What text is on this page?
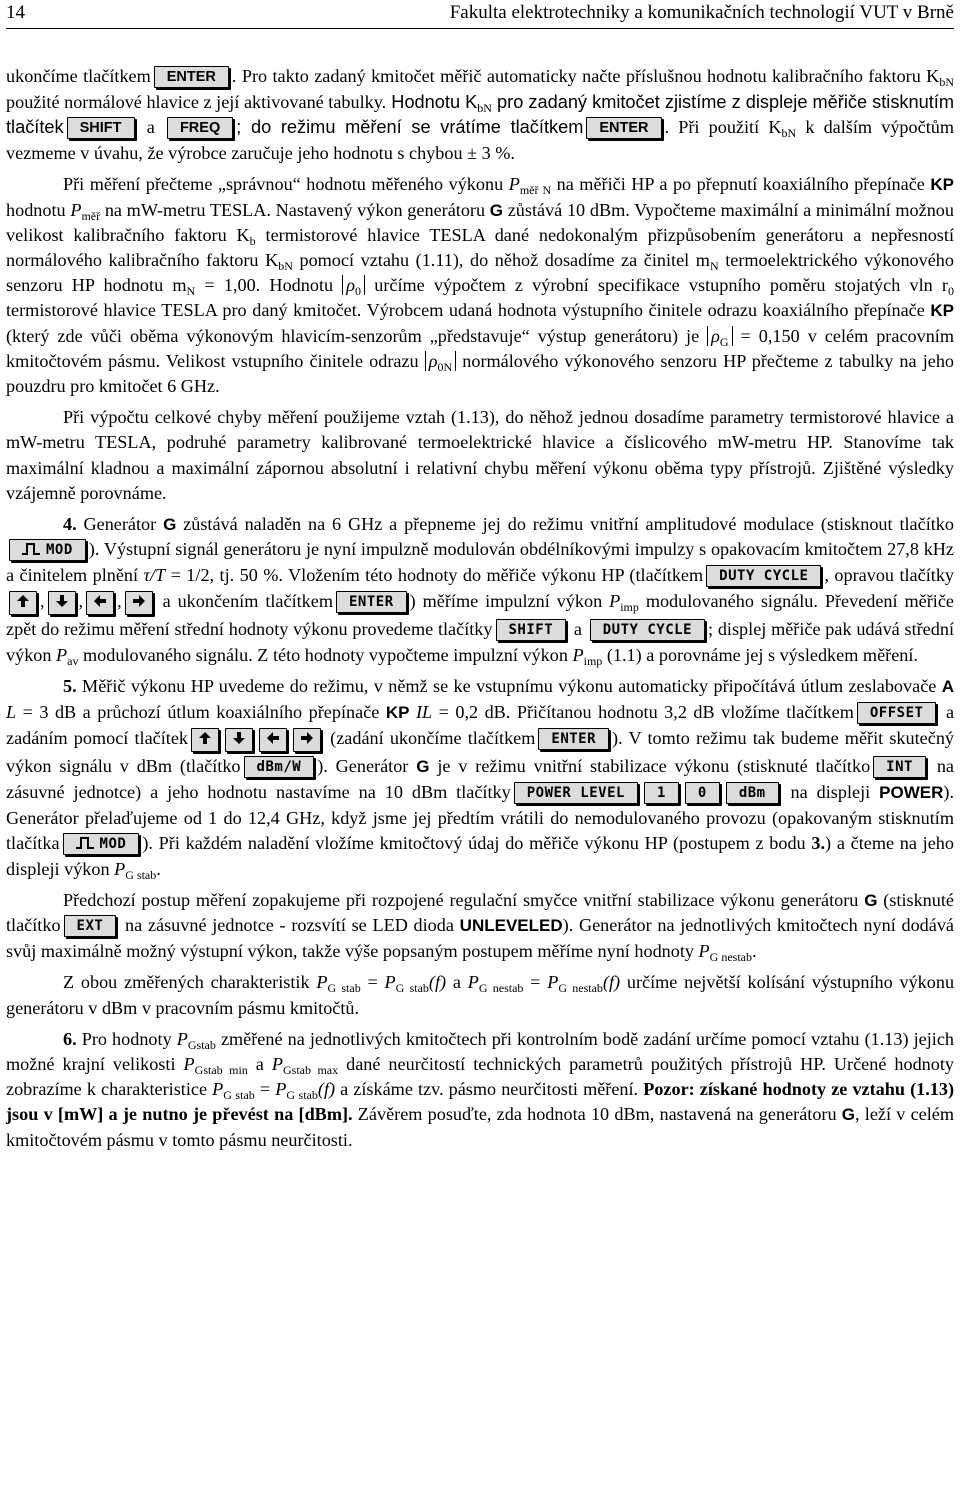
14	Fakulta elektrotechniky a komunikačních technologií VUT v Brně

ukončíme tlačítkem ENTER . Pro takto zadaný kmitočet měřič automaticky načte příslušnou hodnotu kalibračního faktoru $K_{bN}$ použité normálové hlavice z její aktivované tabulky. Hodnotu $K_{bN}$ pro zadaný kmitočet zjistíme z displeje měřiče stisknutím tlačítek SHIFT a FREQ ; do režimu měření se vrátíme tlačítkem ENTER . Při použití $K_{bN}$ k dalším výpočtům vezmeme v úvahu, že výrobce zaručuje jeho hodnotu s chybou ± 3 %.

Při měření přečteme „správnou“ hodnotu měřeného výkonu $P_{měř N}$ na měřiči HP a po přepnutí koaxiálního přepínače KP hodnotu $P_{měř}$ na mW-metru TESLA. Nastavený výkon generátoru G zůstává 10 dBm. Vypočteme maximální a minimální možnou velikost kalibračního faktoru $K_b$ termistorové hlavice TESLA dané nedokonalým přizpůsobením generátoru a nepřesností normálového kalibračního faktoru $K_{bN}$ pomocí vztahu (1.11), do něhož dosadíme za činitel $m_N$ termoelektrického výkonového senzoru HP hodnotu $m_N = 1,00$. Hodnotu $\rho_0$ určíme výpočtem z výrobní specifikace vstupního poměru stojatých vln $r_0$ termistorové hlavice TESLA pro daný kmitočet. Výrobcem udaná hodnota výstupního činitele odrazu koaxiálního přepínače KP (který zde vůči oběma výkonovým hlavicím-senzorům „představuje“ výstup generátoru) je $\rho_G = 0,150$ v celém pracovním kmitočtovém pásmu. Velikost vstupního činitele odrazu $\rho_{0N}$ normálového výkonového senzoru HP přečteme z tabulky na jeho pouzdru pro kmitočet 6 GHz.

Při výpočtu celkové chyby měření použijeme vztah (1.13), do něhož jednou dosadíme parametry termistorové hlavice a mW-metru TESLA, podruhé parametry kalibrované termoelektrické hlavice a číslicového mW-metru HP. Stanovíme tak maximální kladnou a maximální zápornou absolutní i relativní chybu měření výkonu oběma typy přístrojů. Zjištěné výsledky vzájemně porovnáme.

4. Generátor G zůstává naladěn na 6 GHz a přepneme jej do režimu vnitřní amplitudové modulace (stisknout tlačítko
MOD ). Výstupní signál generátoru je nyní impulzně modulován obdélníkovými impulzy s opakovacím kmitočtem 27,8 kHz a činitelem plnění τ/T = 1/2, tj. 50 %. Vložením této hodnoty do měřiče výkonu HP (tlačítkem DUTY CYCLE , opravou tlačítky, , , a ukončením tlačítkem ENTER ) měříme impulzní výkon $P_{imp}$ modulovaného signálu. Převedení měřiče zpět do režimu měření střední hodnoty výkonu provedeme tlačítky SHIFT a DUTY CYCLE ; displej měřiče pak udává střední výkon $P_{av}$ modulovaného signálu. Z této hodnoty vypočteme impulzní výkon $P_{imp}$ (1.1) a porovnáme jej s výsledkem měření.

5. Měřič výkonu HP uvedeme do režimu, v němž se ke vstupnímu výkonu automaticky připočítává útlum zeslabovače A L = 3 dB a průchozí útlum koaxiálního přepínače KP IL = 0,2 dB. Přičítanou hodnotu 3,2 dB vložíme tlačítkem OFFSET a zadáním pomocí tlačítek	(zadání ukončíme tlačítkem ENTER ). V tomto režimu tak budeme měřit skutečný výkon signálu v dBm (tlačítko dBm/W ). Generátor G je v režimu vnitřní stabilizace výkonu (stisknuté tlačítko INT na zásuvné jednotce) a jeho hodnotu nastavíme na 10 dBm tlačítky POWER LEVEL 1 0 dBm na displeji POWER). Generátor přelaďujeme od 1 do 12,4 GHz, když jsme jej předtím vrátili do nemodulovaného provozu (opakovaným stisknutím tlačítka	MOD ). Při každém naladění vložíme kmitočtový údaj do měřiče výkonu HP (postupem z bodu 3.) a čteme na jeho displeji výkon $P_{G stab}$.

Předchozí postup měření zopakujeme při rozpojené regulační smyčce vnitřní stabilizace výkonu generátoru G (stisknuté tlačítko EXT na zásuvné jednotce - rozsvítí se LED dioda UNLEVELED). Generátor na jednotlivých kmitočtech nyní dodává svůj maximálně možný výstupní výkon, takže výše popsaným postupem měříme nyní hodnoty $P_{G nestab}$.

Z obou změřených charakteristik $P_{G stab} = P_{G stab}(f)$ a $P_{G nestab} = P_{G nestab}(f)$ určíme největší kolísání výstupního výkonu generátoru v dBm v pracovním pásmu kmitočtů.

6. Pro hodnoty $P_{Gstab}$ změřené na jednotlivých kmitočtech při kontrolním bodě zadání určíme pomocí vztahu (1.13) jejich možné krajní velikosti $P_{Gstab min}$ a $P_{Gstab max}$ dané neurčitostí technických parametrů použitých přístrojů HP. Určené hodnoty zobrazíme k charakteristice $P_{G stab} = P_{G stab}(f)$ a získáme tzv. pásmo neurčitosti měření. Pozor: získané hodnoty ze vztahu (1.13) jsou v [mW] a je nutno je převést na [dBm]. Závěrem posuďte, zda hodnota 10 dBm, nastavená na generátoru G, leží v celém kmitočtovém pásmu v tomto pásmu neurčitosti.
